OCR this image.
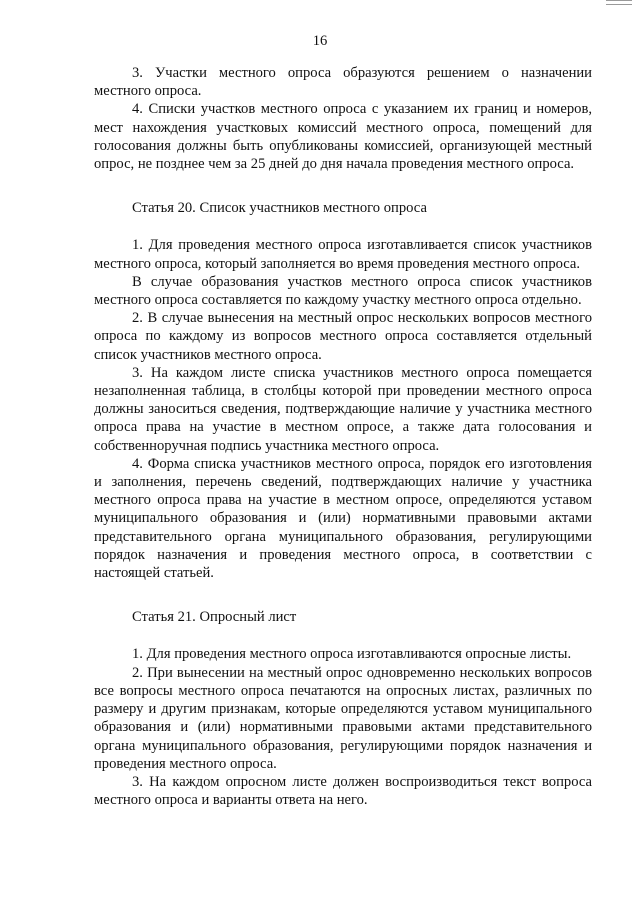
16

3. Участки местного опроса образуются решением о назначении местного опроса.

4. Списки участков местного опроса с указанием их границ и номеров, мест нахождения участковых комиссий местного опроса, помещений для голосования должны быть опубликованы комиссией, организующей местный опрос, не позднее чем за 25 дней до дня начала проведения местного опроса.

Статья 20. Список участников местного опроса

1. Для проведения местного опроса изготавливается список участников местного опроса, который заполняется во время проведения местного опроса.

В случае образования участков местного опроса список участников местного опроса составляется по каждому участку местного опроса отдельно.

2. В случае вынесения на местный опрос нескольких вопросов местного опроса по каждому из вопросов местного опроса составляется отдельный список участников местного опроса.

3. На каждом листе списка участников местного опроса помещается незаполненная таблица, в столбцы которой при проведении местного опроса должны заноситься сведения, подтверждающие наличие у участника местного опроса права на участие в местном опросе, а также дата голосования и собственноручная подпись участника местного опроса.

4. Форма списка участников местного опроса, порядок его изготовления и заполнения, перечень сведений, подтверждающих наличие у участника местного опроса права на участие в местном опросе, определяются уставом муниципального образования и (или) нормативными правовыми актами представительного органа муниципального образования, регулирующими порядок назначения и проведения местного опроса, в соответствии с настоящей статьей.

Статья 21. Опросный лист

1. Для проведения местного опроса изготавливаются опросные листы.

2. При вынесении на местный опрос одновременно нескольких вопросов все вопросы местного опроса печатаются на опросных листах, различных по размеру и другим признакам, которые определяются уставом муниципального образования и (или) нормативными правовыми актами представительного органа муниципального образования, регулирующими порядок назначения и проведения местного опроса.

3. На каждом опросном листе должен воспроизводиться текст вопроса местного опроса и варианты ответа на него.
